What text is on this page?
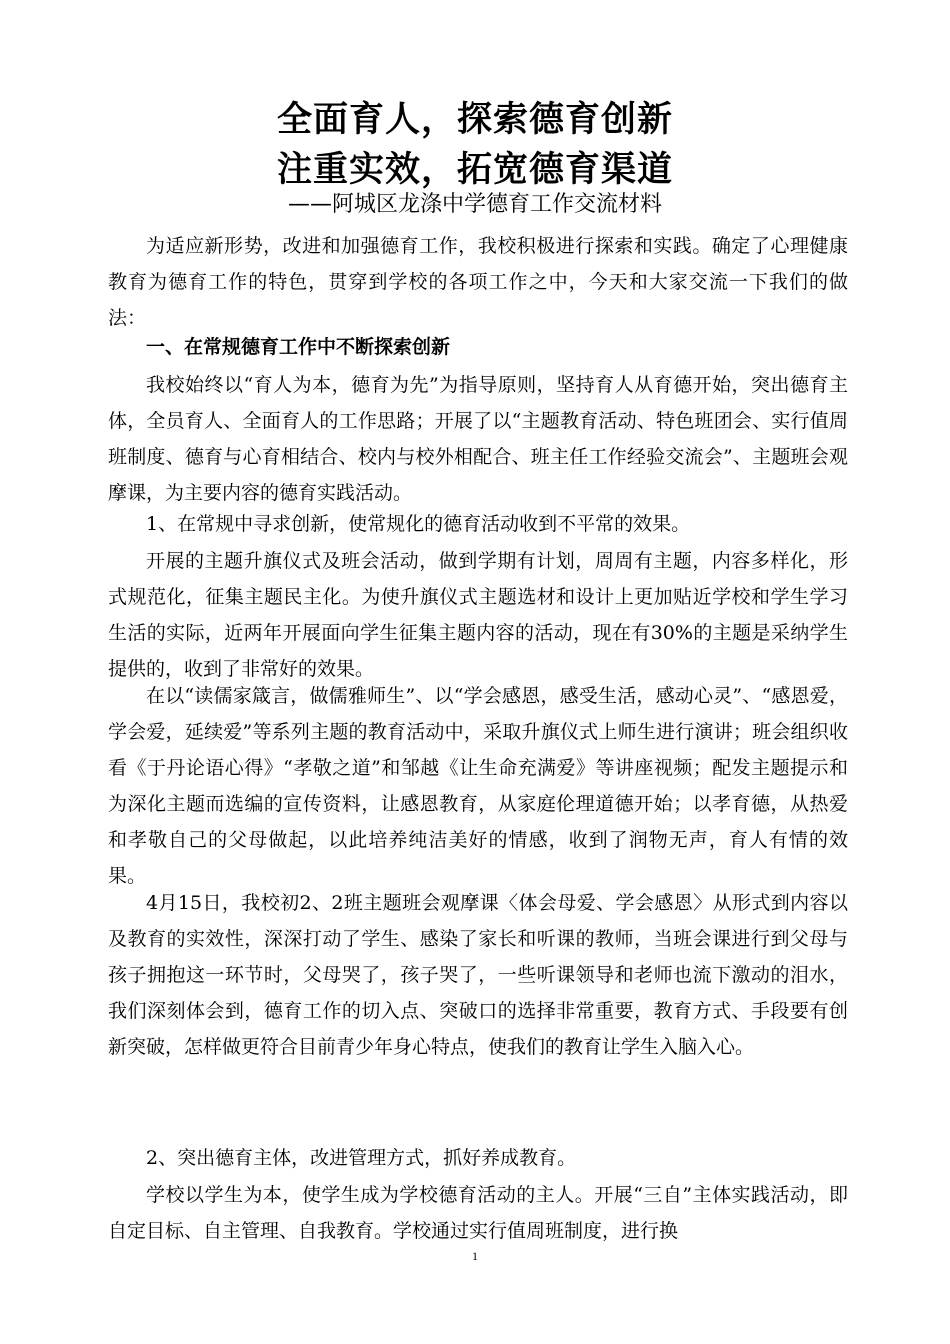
全面育人，探索德育创新
注重实效，拓宽德育渠道
——阿城区龙涤中学德育工作交流材料
为适应新形势，改进和加强德育工作，我校积极进行探索和实践。确定了心理健康教育为德育工作的特色，贯穿到学校的各项工作之中，今天和大家交流一下我们的做法：
一、在常规德育工作中不断探索创新
我校始终以“育人为本，德育为先”为指导原则，坚持育人从育德开始，突出德育主体，全员育人、全面育人的工作思路；开展了以“主题教育活动、特色班团会、实行值周班制度、德育与心育相结合、校内与校外相配合、班主任工作经验交流会”、主题班会观摩课，为主要内容的德育实践活动。
1、在常规中寻求创新，使常规化的德育活动收到不平常的效果。
开展的主题升旗仪式及班会活动，做到学期有计划，周周有主题，内容多样化，形式规范化，征集主题民主化。为使升旗仪式主题选材和设计上更加贴近学校和学生学习生活的实际，近两年开展面向学生征集主题内容的活动，现在有30%的主题是采纳学生提供的，收到了非常好的效果。
在以“读儒家箴言，做儒雅师生”、以“学会感恩，感受生活，感动心灵”、“感恩爱，学会爱，延续爱”等系列主题的教育活动中，采取升旗仪式上师生进行演讲；班会组织收看《于丹论语心得》“孝敬之道”和邹越《让生命充满爱》等讲座视频；配发主题提示和为深化主题而选编的宣传资料，让感恩教育，从家庭伦理道德开始；以孝育德，从热爱和孝敬自己的父母做起，以此培养纯洁美好的情感，收到了润物无声，育人有情的效果。
4月15日，我校初2、2班主题班会观摩课〈体会母爱、学会感恩〉从形式到内容以及教育的实效性，深深打动了学生、感染了家长和听课的教师，当班会课进行到父母与孩子拥抱这一环节时，父母哭了，孩子哭了，一些听课领导和老师也流下激动的泪水，我们深刻体会到，德育工作的切入点、突破口的选择非常重要，教育方式、手段要有创新突破，怎样做更符合目前青少年身心特点，使我们的教育让学生入脑入心。
2、突出德育主体，改进管理方式，抓好养成教育。
学校以学生为本，使学生成为学校德育活动的主人。开展“三自”主体实践活动，即自定目标、自主管理、自我教育。学校通过实行值周班制度，进行换
1
